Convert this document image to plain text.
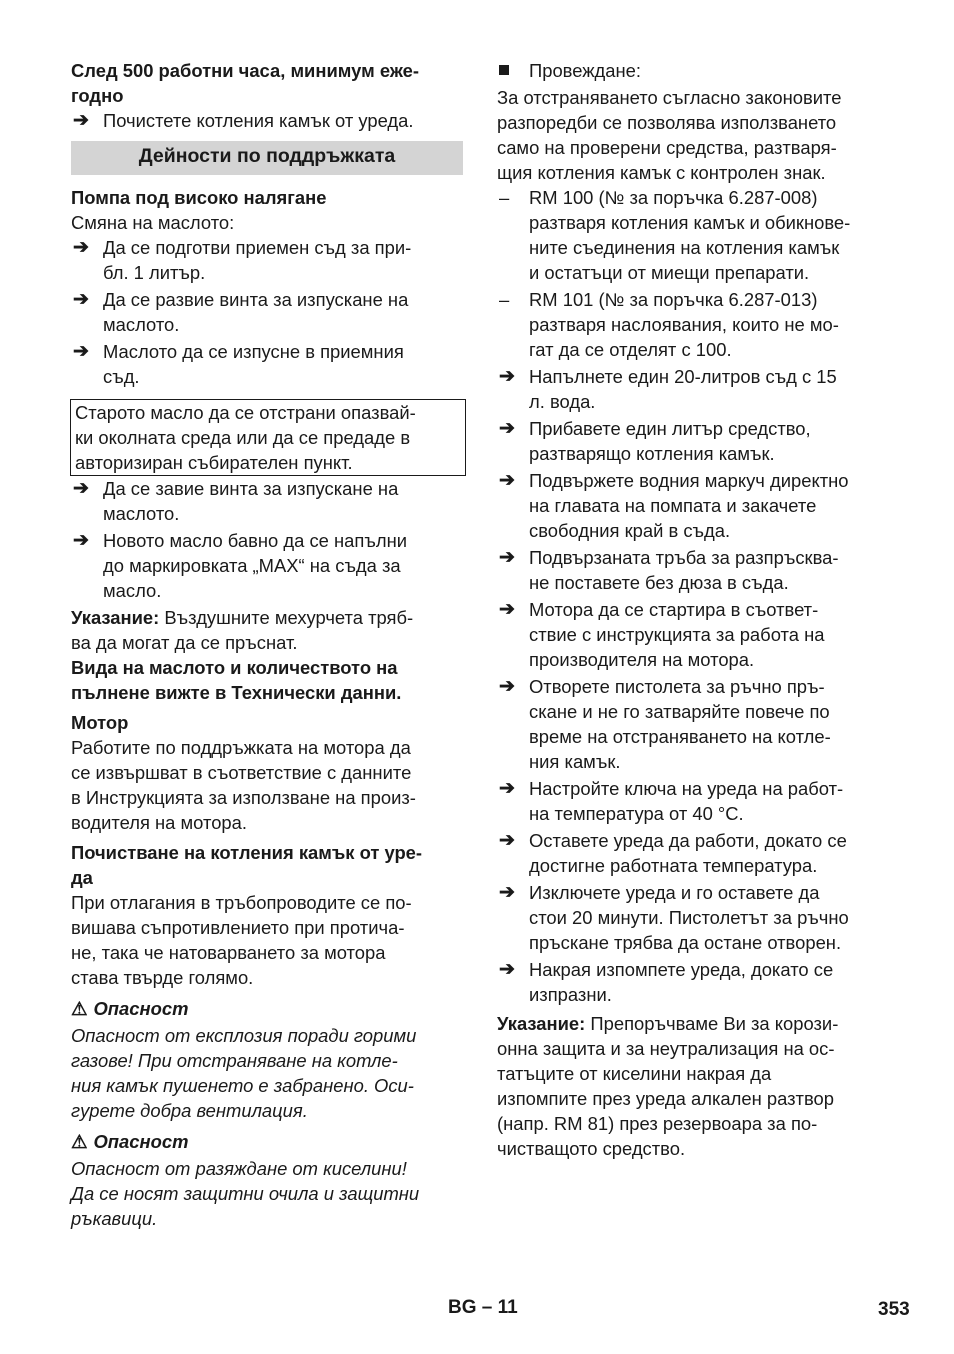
След 500 работни часа, минимум еже-
годно

➔ Почистете котления камък от уреда.
Дейности по поддръжката

Помпа под високо налягане

Смяна на маслото:

➔ Да се подготви приемен съд за при-
бл. 1 литър.
➔ Да се развие винта за изпускане на
маслото.
➔ Маслото да се изпусне в приемния
съд.
Старото масло да се отстрани опазвай-
ки околната среда или да се предаде в
авторизиран събирателен пункт.
➔ Да се завие винта за изпускане на
маслото.
➔ Новото масло бавно да се напълни
до маркировката „MAX“ на съда за
масло.

Указание: Въздушните мехурчета тряб-
ва да могат да се пръснат.

Вида на маслото и количеството на
пълнене вижте в Технически данни.

Мотор

Работите по поддръжката на мотора да
се извършват в съответствие с данните
в Инструкцията за използване на произ-
водителя на мотора.

Почистване на котления камък от уре-
да

При отлагания в тръбопроводите се по-
вишава съпротивлението при протича-
не, така че натоварването за мотора
става твърде голямо.

⚠ Опасност

Опасност от експлозия поради горими
газове! При отстраняване на котле-
ния камък пушенето е забранено. Оси-
гурете добра вентилация.

⚠ Опасност

Опасност от разяждане от киселини!
Да се носят защитни очила и защитни
ръкавици.

Провеждане:

За отстраняването съгласно законовите
разпоредби се позволява използването
само на проверени средства, разтваря-
щия котления камък с контролен знак.

– RM 100 (№ за поръчка 6.287-008)
разтваря котления камък и обикнове-
ните съединения на котления камък
и остатъци от миещи препарати.
– RM 101 (№ за поръчка 6.287-013)
разтваря наслоявания, които не мо-
гат да се отделят с 100.
➔ Напълнете един 20-литров съд с 15
л. вода.
➔ Прибавете един литър средство,
разтварящо котления камък.
➔ Подвържете водния маркуч директно
на главата на помпата и закачете
свободния край в съда.
➔ Подвързаната тръба за разпръсква-
не поставете без дюза в съда.
➔ Мотора да се стартира в съответ-
ствие с инструкцията за работа на
производителя на мотора.
➔ Отворете пистолета за ръчно пръ-
скане и не го затваряйте повече по
време на отстраняването на котле-
ния камък.
➔ Настройте ключа на уреда на работ-
на температура от 40 °C.
➔ Оставете уреда да работи, докато се
достигне работната температура.
➔ Изключете уреда и го оставете да
стои 20 минути. Пистолетът за ръчно
пръскане трябва да остане отворен.
➔ Накрая изпомпете уреда, докато се
изпразни.

Указание: Препоръчваме Ви за корози-
онна защита и за неутрализация на ос-
татъците от киселини накрая да
изпомпите през уреда алкален разтвор
(напр. RM 81) през резервоара за по-
чистващото средство.

BG – 11	353
